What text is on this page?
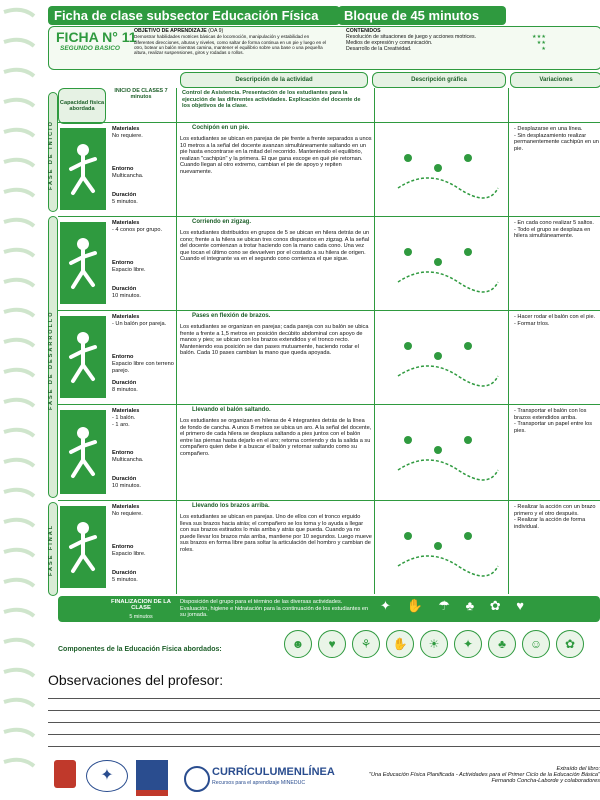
Ficha de clase subsector Educación Física	Bloque de 45 minutos
FICHA N° 11
SEGUNDO BASICO
OBJETIVO DE APRENDIZAJE (OA 9)
Demostrar habilidades motrices básicas de locomoción, manipulación y estabilidad en diferentes direcciones, alturas y niveles, como saltar de forma continua en un pie y luego en el otro, botear un balón mientras camina, mantener el equilibrio sobre una base o una pequeña altura, realizar suspensiones, giros y rodadas o rollos.
CONTENIDOS
Resolución de situaciones de juego y acciones motrices.	★★★
Medios de expresión y comunicación.	★★
Desarrollo de la Creatividad.	★
Descripción de la actividad	Descripción gráfica	Variaciones
Capacidad física abordada
INICIO DE CLASES 7 minutos
Control de Asistencia. Presentación de los estudiantes para la ejecución de las diferentes actividades. Explicación del docente de los objetivos de la clase.
FASE DE INICIO
FASE DE DESARROLLO
FASE FINAL
Materiales
No requiere.
Entorno
Multicancha.
Duración
5 minutos.
Cochipón en un pie.
Los estudiantes se ubican en parejas de pie frente a frente separados a unos 10 metros a la señal del docente avanzan simultáneamente saltando en un pie hasta encontrarse en la mitad del recorrido. Manteniendo el equilibrio, realizan "cachipún" y la primera. El que gana escoge en qué pie retornan. Cuando llegan al otro extremo, cambian el pie de apoyo y repiten nuevamente.
- Desplazarse en una línea.
- Sin desplazamiento realizar permanentemente cachipún en un pie.
Materiales
- 4 conos por grupo.
Entorno
Espacio libre.
Duración
10 minutos.
Corriendo en zigzag.
Los estudiantes distribuidos en grupos de 5 se ubican en hilera detrás de un cono; frente a la hilera se ubican tres conos dispuestos en zigzag. A la señal del docente comienzan a trotar haciendo con la mano cada cono. Una vez que tocan el último cono se devuelven por el costado a su hilera de origen. Cuando el integrante va en el segundo cono comienza el que sigue.
- En cada cono realizar 5 saltos.
- Todo el grupo se desplaza en hilera simultáneamente.
Materiales
- Un balón por pareja.
Entorno
Espacio libre con terreno parejo.
Duración
8 minutos.
Pases en flexión de brazos.
Los estudiantes se organizan en parejas; cada pareja con su balón se ubica frente a frente a 1,5 metros en posición decúbito abdominal con apoyo de manos y pies; se ubican con los brazos extendidos y el tronco recto. Manteniendo esa posición se dan pases mutuamente, haciendo rodar el balón. Cada 10 pases cambian la mano que queda apoyada.
- Hacer rodar el balón con el pie.
- Formar tríos.
Materiales
- 1 balón.
- 1 aro.
Entorno
Multicancha.
Duración
10 minutos.
Llevando el balón saltando.
Los estudiantes se organizan en hileras de 4 integrantes detrás de la línea de fondo de cancha. A unos 8 metros se ubica un aro. A la señal del docente, el primero de cada hilera se desplaza saltando a pies juntos con el balón entre las piernas hasta dejarlo en el aro; retorna corriendo y da la salida a su compañero quien debe ir a buscar el balón y retornar saltando como su compañero.
- Transportar el balón con los brazos extendidos arriba.
- Transportar un papel entre los pies.
Materiales
No requiere.
Entorno
Espacio libre.
Duración
5 minutos.
Llevando los brazos arriba.
Los estudiantes se ubican en parejas. Uno de ellos con el tronco erguido lleva sus brazos hacia atrás; el compañero se los toma y lo ayuda a llegar con sus brazos estirados lo más arriba y atrás que pueda. Cuando ya no puede llevar los brazos más arriba, mantiene por 10 segundos. Luego mueve sus brazos en forma libre para soltar la articulación del hombro y cambian de roles.
- Realizar la acción con un brazo primero y el otro después.
- Realizar la acción de forma individual.
FINALIZACION DE LA CLASE
5 minutos
Disposición del grupo para el término de las diversas actividades. Evaluación, higiene e hidratación para la continuación de los estudiantes en su jornada.
✦ ✋ ☂ ♣ ✿ ♥
Componentes de la Educación Física abordados:	☻	♥	⚘	✋	☀	✦	♣	☺	✿
Observaciones del profesor:
✦	CURRÍCULUMENLÍNEA
Recursos para el aprendizaje MINEDUC
Extraído del libro:
"Una Educación Física Planificada - Actividades para el Primer Ciclo de la Educación Básica"
Fernando Concha-Laborde y colaboradores
